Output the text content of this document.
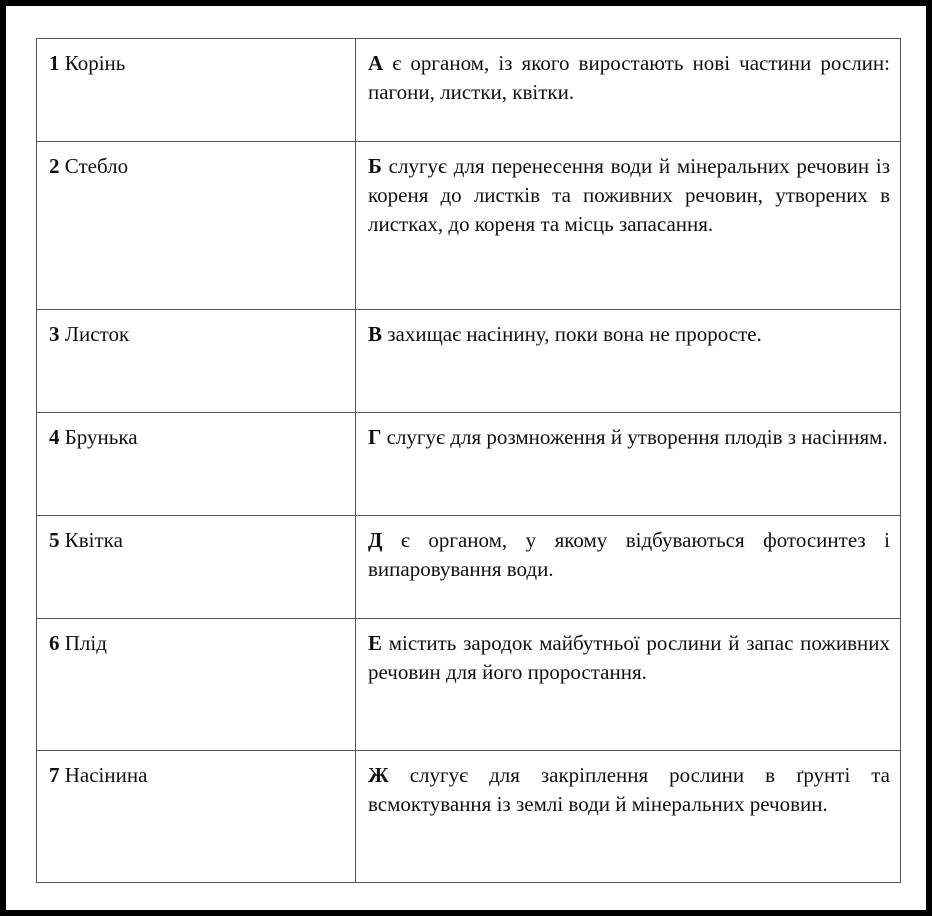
1 Корінь	А є органом, із якого виростають нові частини рослин: пагони, листки, квітки.
2 Стебло	Б слугує для перенесення води й мінеральних речовин із кореня до листків та поживних речовин, утворених в листках, до кореня та місць запасання.
3 Листок	В захищає насінину, поки вона не проросте.
4 Брунька	Г слугує для розмноження й утворення плодів з насінням.
5 Квітка	Д є органом, у якому відбуваються фотосинтез і випаровування води.
6 Плід	Е містить зародок майбутньої рослини й запас поживних речовин для його проростання.
7 Насінина	Ж слугує для закріплення рослини в ґрунті та всмоктування із землі води й мінеральних речовин.
